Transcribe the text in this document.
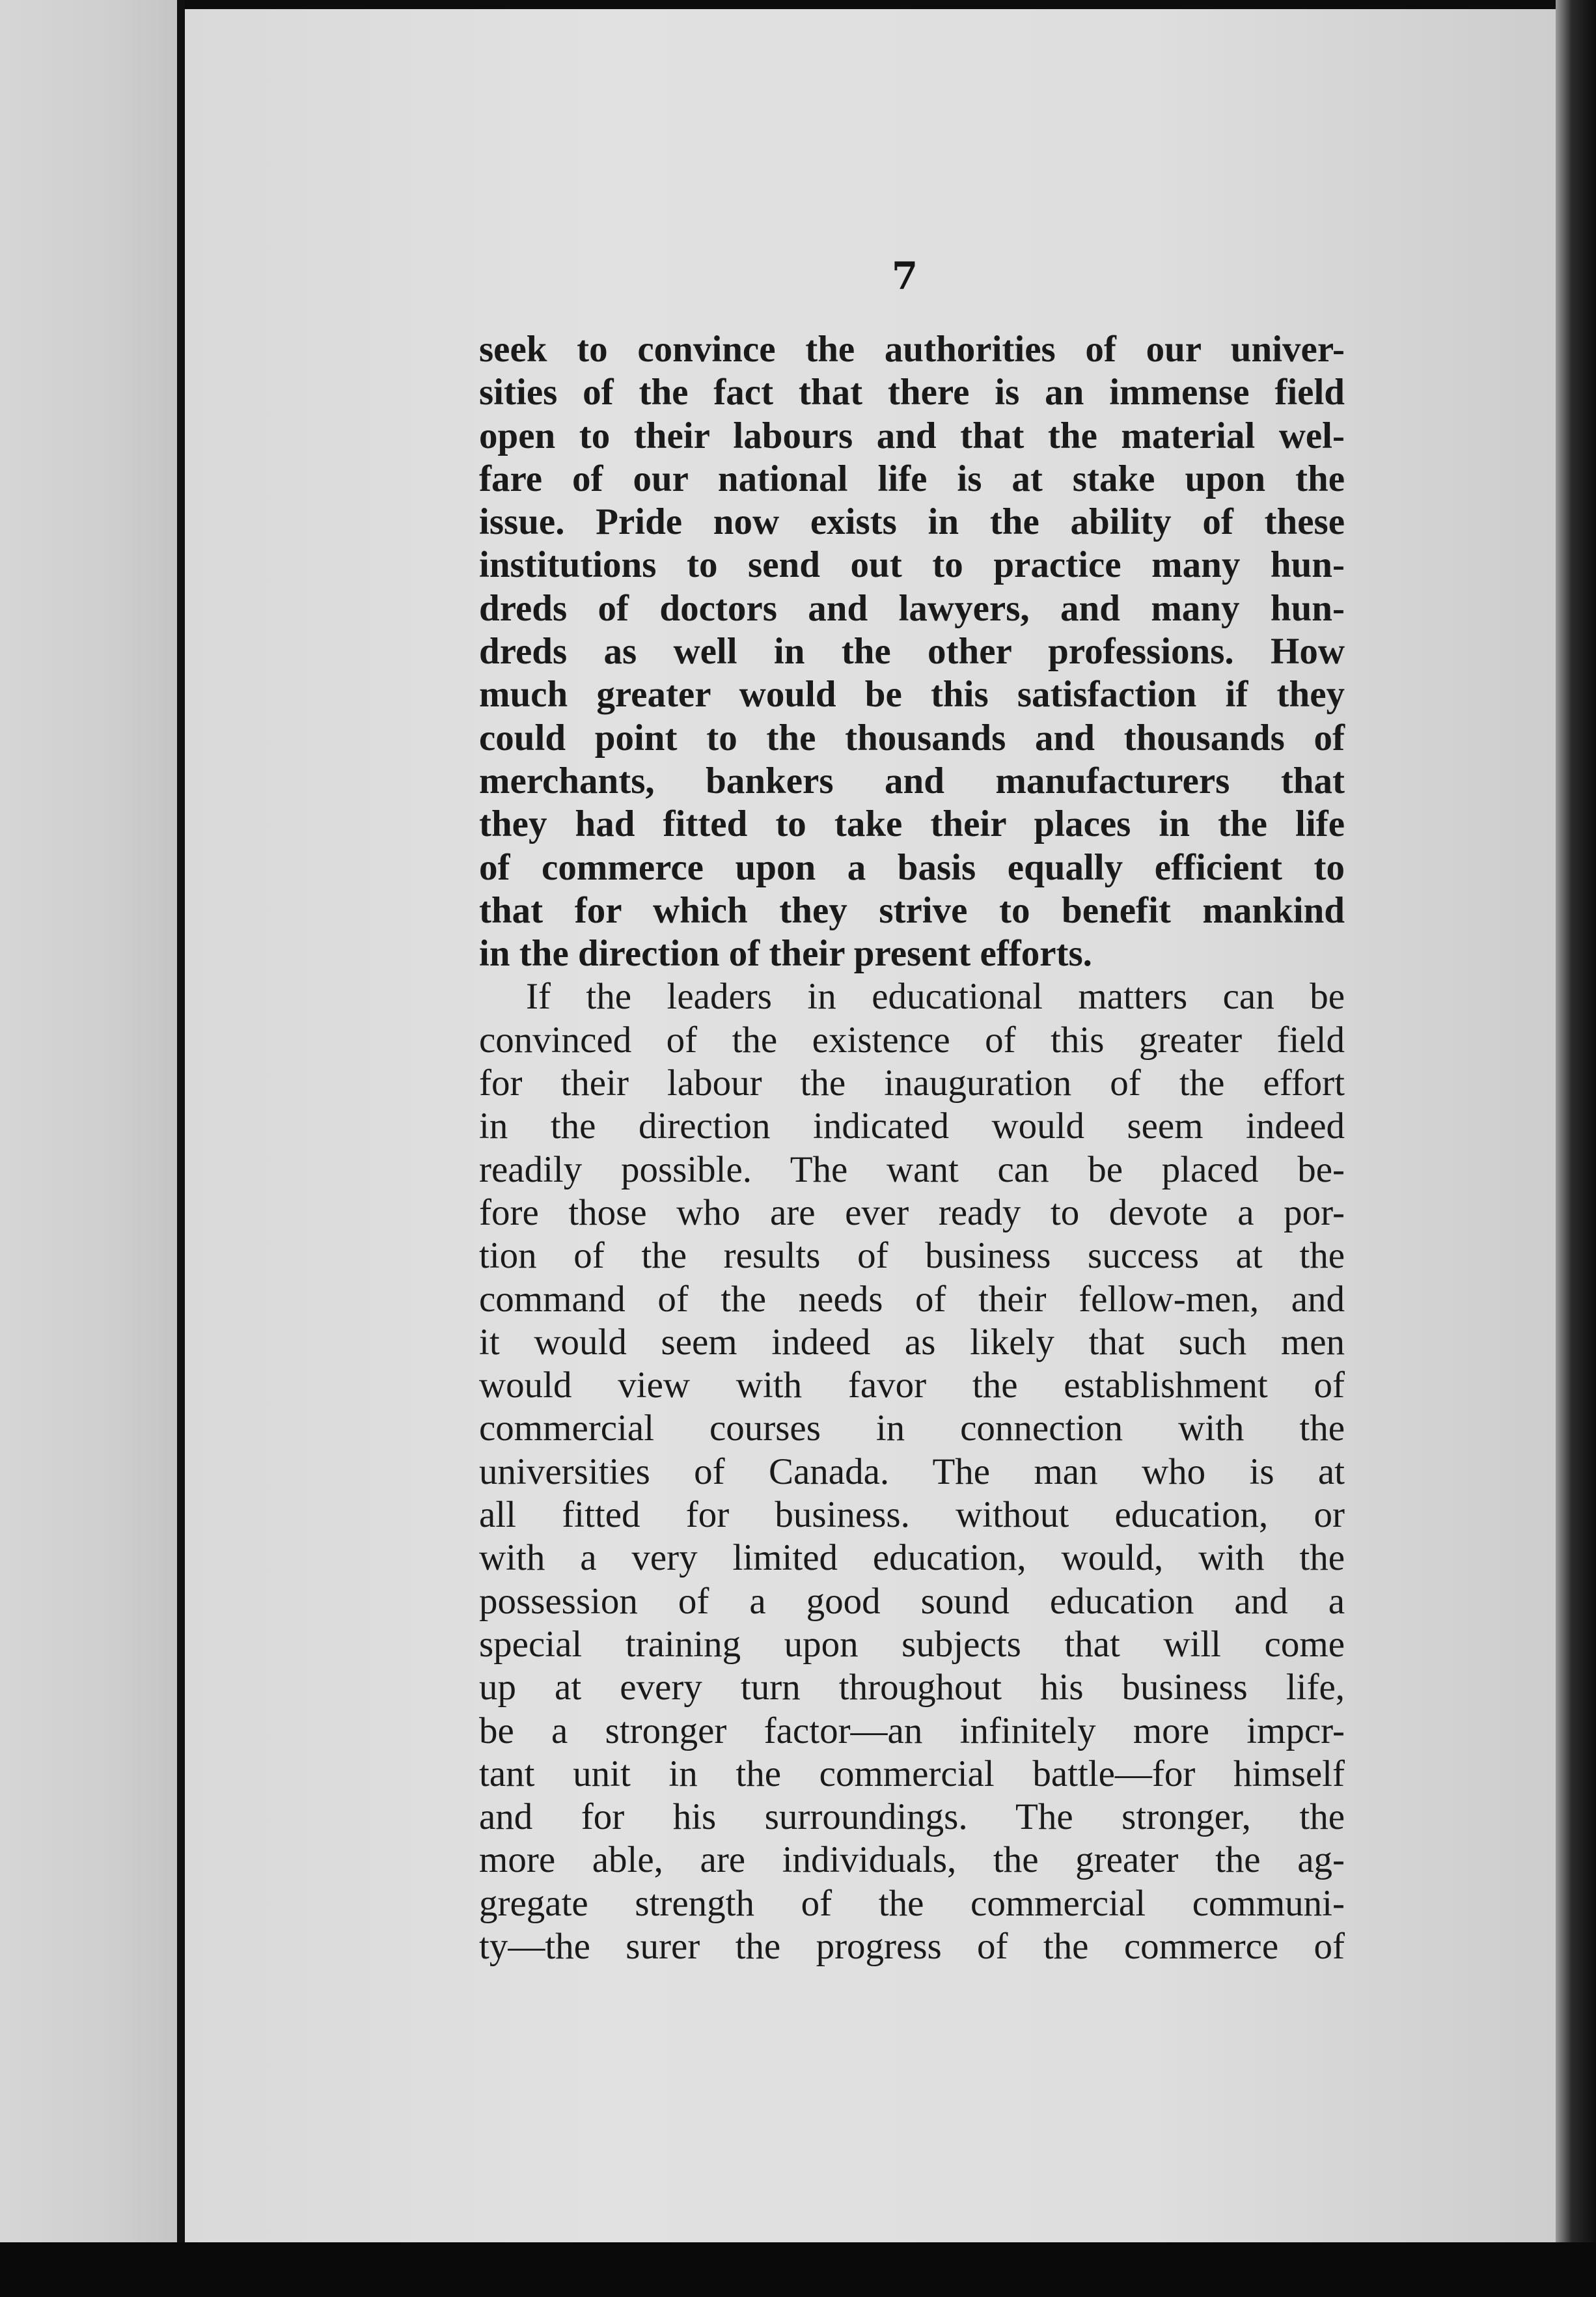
7
seek to convince the authorities of our univer-
sities of the fact that there is an immense field
open to their labours and that the material wel-
fare of our national life is at stake upon the
issue. Pride now exists in the ability of these
institutions to send out to practice many hun-
dreds of doctors and lawyers, and many hun-
dreds as well in the other professions. How
much greater would be this satisfaction if they
could point to the thousands and thousands of
merchants, bankers and manufacturers that
they had fitted to take their places in the life
of commerce upon a basis equally efficient to
that for which they strive to benefit mankind
in the direction of their present efforts.
If the leaders in educational matters can be
convinced of the existence of this greater field
for their labour the inauguration of the effort
in the direction indicated would seem indeed
readily possible. The want can be placed be-
fore those who are ever ready to devote a por-
tion of the results of business success at the
command of the needs of their fellow-men, and
it would seem indeed as likely that such men
would view with favor the establishment of
commercial courses in connection with the
universities of Canada. The man who is at
all fitted for business. without education, or
with a very limited education, would, with the
possession of a good sound education and a
special training upon subjects that will come
up at every turn throughout his business life,
be a stronger factor—an infinitely more impcr-
tant unit in the commercial battle—for himself
and for his surroundings. The stronger, the
more able, are individuals, the greater the ag-
gregate strength of the commercial communi-
ty—the surer the progress of the commerce of
